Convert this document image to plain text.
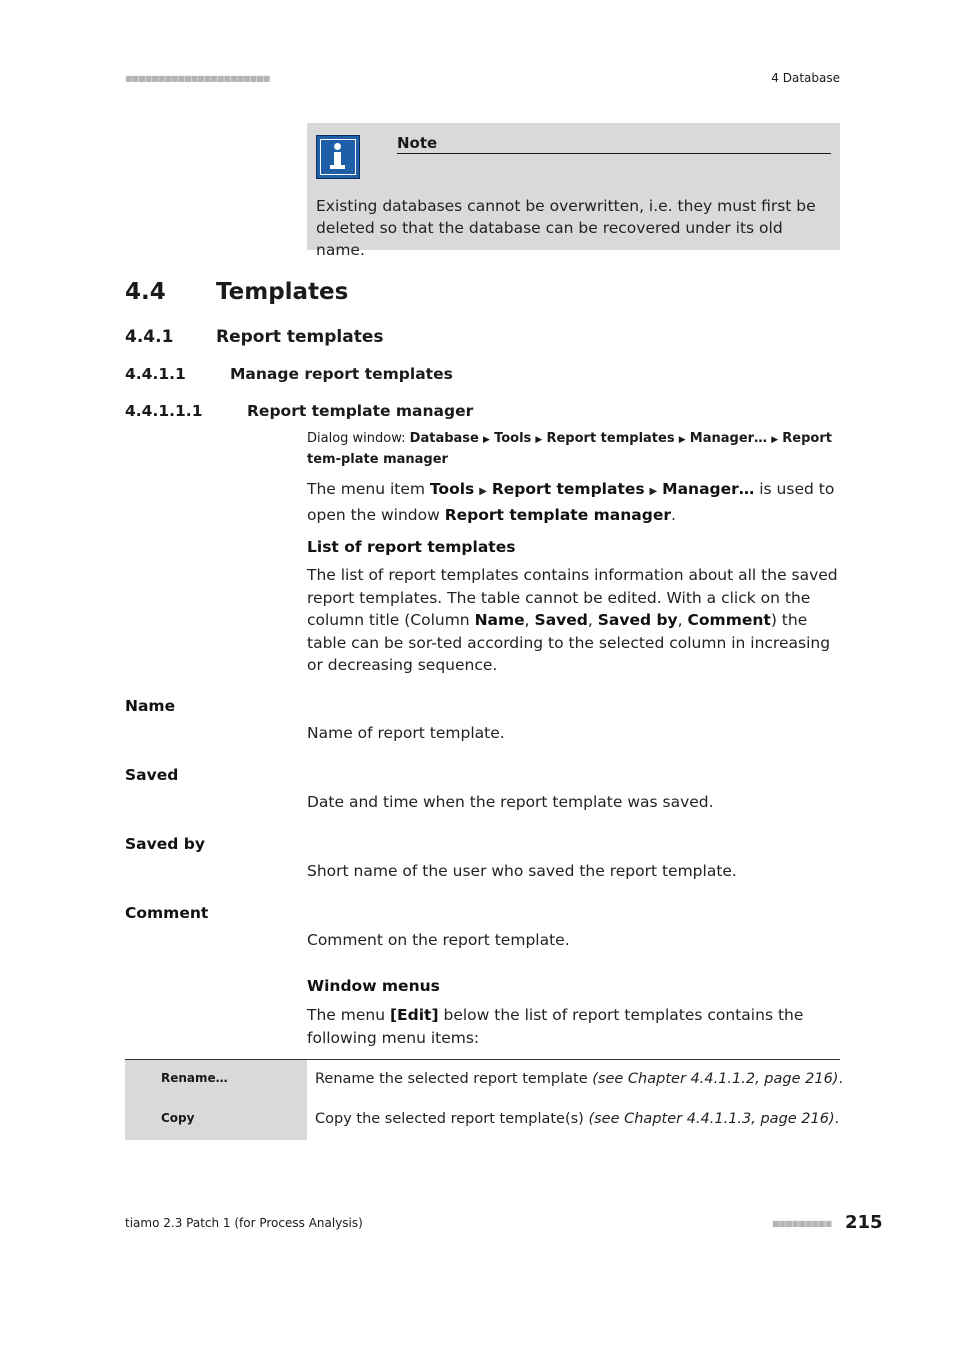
■■■■■■■■■■■■■■■■■■■■■■	4 Database
Note
Existing databases cannot be overwritten, i.e. they must first be deleted so that the database can be recovered under its old name.
4.4 Templates
4.4.1	Report templates
4.4.1.1	Manage report templates
4.4.1.1.1	Report template manager
Dialog window: Database ▶ Tools ▶ Report templates ▶ Manager… ▶ Report tem-plate manager
The menu item Tools ▶ Report templates ▶ Manager… is used to open the window Report template manager.
List of report templates
The list of report templates contains information about all the saved report templates. The table cannot be edited. With a click on the column title (Column Name, Saved, Saved by, Comment) the table can be sor-ted according to the selected column in increasing or decreasing sequence.
Name
Name of report template.
Saved
Date and time when the report template was saved.
Saved by
Short name of the user who saved the report template.
Comment
Comment on the report template.
Window menus
The menu [Edit] below the list of report templates contains the following menu items:
Rename…	Rename the selected report template (see Chapter 4.4.1.1.2, page 216).
Copy	Copy the selected report template(s) (see Chapter 4.4.1.1.3, page 216).
tiamo 2.3 Patch 1 (for Process Analysis)	■■■■■■■■■ 215
